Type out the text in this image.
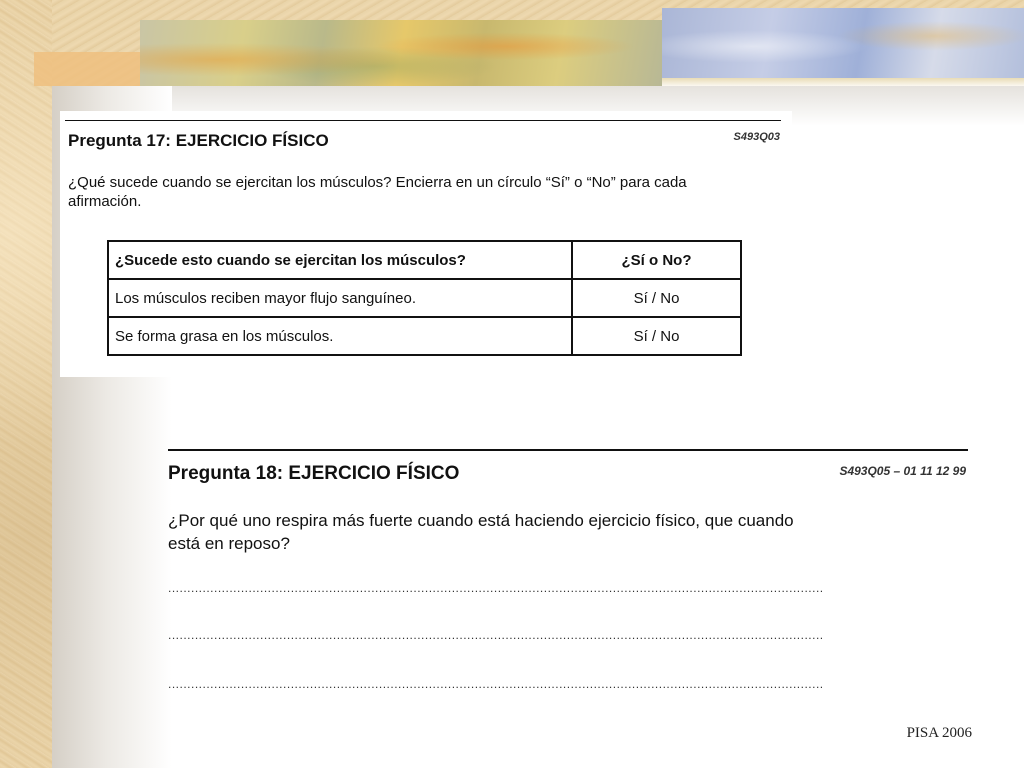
Pregunta 17: EJERCICIO FÍSICO	S493Q03
¿Qué sucede cuando se ejercitan los músculos? Encierra en un círculo “Sí” o “No” para cada
afirmación.
¿Sucede esto cuando se ejercitan los músculos?	¿Sí o No?
Los músculos reciben mayor flujo sanguíneo.	Sí / No
Se forma grasa en los músculos.	Sí / No
Pregunta 18: EJERCICIO FÍSICO	S493Q05 – 01 11 12 99
¿Por qué uno respira más fuerte cuando está haciendo ejercicio físico, que cuando
está en reposo?
...........................................................................................................................................................................
...........................................................................................................................................................................
...........................................................................................................................................................................
PISA 2006
